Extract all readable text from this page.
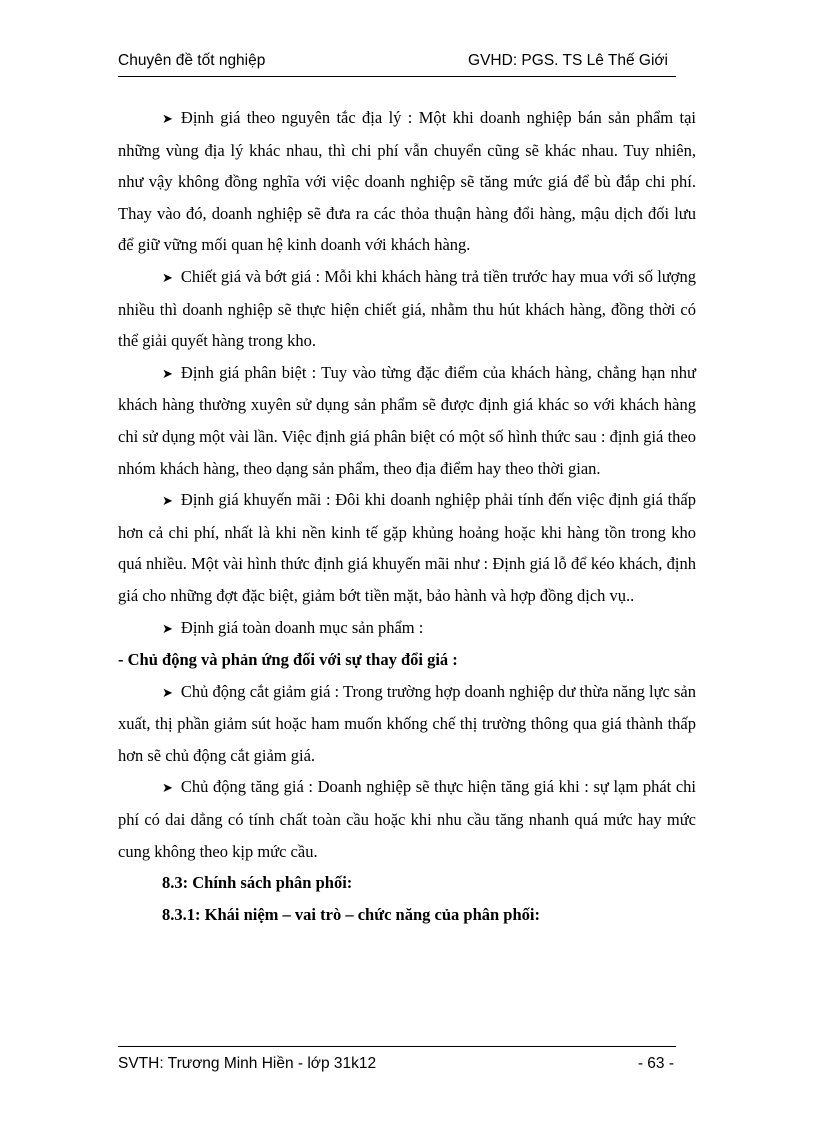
Chuyên đề tốt nghiệp	GVHD: PGS. TS Lê Thế Giới

➤ Định giá theo nguyên tắc địa lý : Một khi doanh nghiệp bán sản phẩm tại những vùng địa lý khác nhau, thì chi phí vẫn chuyển cũng sẽ khác nhau. Tuy nhiên, như vậy không đồng nghĩa với việc doanh nghiệp sẽ tăng mức giá để bù đắp chi phí. Thay vào đó, doanh nghiệp sẽ đưa ra các thỏa thuận hàng đổi hàng, mậu dịch đối lưu để giữ vững mối quan hệ kinh doanh với khách hàng.

➤ Chiết giá và bớt giá : Mỗi khi khách hàng trả tiền trước hay mua với số lượng nhiều thì doanh nghiệp sẽ thực hiện chiết giá, nhằm thu hút khách hàng, đồng thời có thể giải quyết hàng trong kho.

➤ Định giá phân biệt : Tuy vào từng đặc điểm của khách hàng, chẳng hạn như khách hàng thường xuyên sử dụng sản phẩm sẽ được định giá khác so với khách hàng chỉ sử dụng một vài lần. Việc định giá phân biệt có một số hình thức sau : định giá theo nhóm khách hàng, theo dạng sản phẩm, theo địa điểm hay theo thời gian.

➤ Định giá khuyến mãi : Đôi khi doanh nghiệp phải tính đến việc định giá thấp hơn cả chi phí, nhất là khi nền kinh tế gặp khủng hoảng hoặc khi hàng tồn trong kho quá nhiều. Một vài hình thức định giá khuyến mãi như : Định giá lỗ để kéo khách, định giá cho những đợt đặc biệt, giảm bớt tiền mặt, bảo hành và hợp đồng dịch vụ..

➤ Định giá toàn doanh mục sản phẩm :

- Chủ động và phản ứng đối với sự thay đổi giá :

➤ Chủ động cắt giảm giá : Trong trường hợp doanh nghiệp dư thừa năng lực sản xuất, thị phần giảm sút hoặc ham muốn khống chế thị trường thông qua giá thành thấp hơn sẽ chủ động cắt giảm giá.

➤ Chủ động tăng giá : Doanh nghiệp sẽ thực hiện tăng giá khi : sự lạm phát chi phí có dai dẳng có tính chất toàn cầu hoặc khi nhu cầu tăng nhanh quá mức hay mức cung không theo kịp mức cầu.

8.3: Chính sách phân phối:

8.3.1: Khái niệm – vai trò – chức năng của phân phối:

SVTH: Trương Minh Hiền - lớp 31k12	- 63 -
